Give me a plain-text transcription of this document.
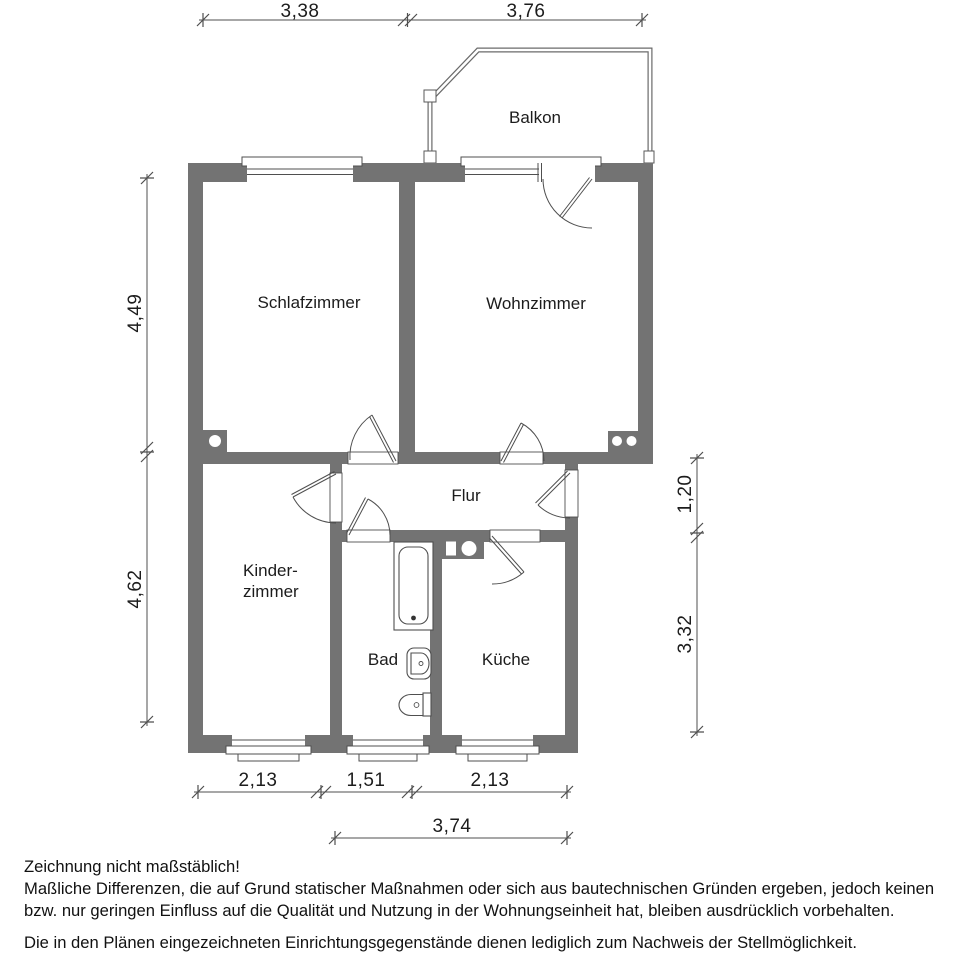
Balkon
Schlafzimmer	Wohnzimmer
Flur
Kinder-
zimmer
Bad	Küche
3,38	3,76
4,49
4,62
1,20
3,32
2,13	1,51	2,13
3,74
Zeichnung nicht maßstäblich!
Maßliche Differenzen, die auf Grund statischer Maßnahmen oder sich aus bautechnischen Gründen ergeben, jedoch keinen
bzw. nur geringen Einfluss auf die Qualität und Nutzung in der Wohnungseinheit hat, bleiben ausdrücklich vorbehalten.
Die in den Plänen eingezeichneten Einrichtungsgegenstände dienen lediglich zum Nachweis der Stellmöglichkeit.
